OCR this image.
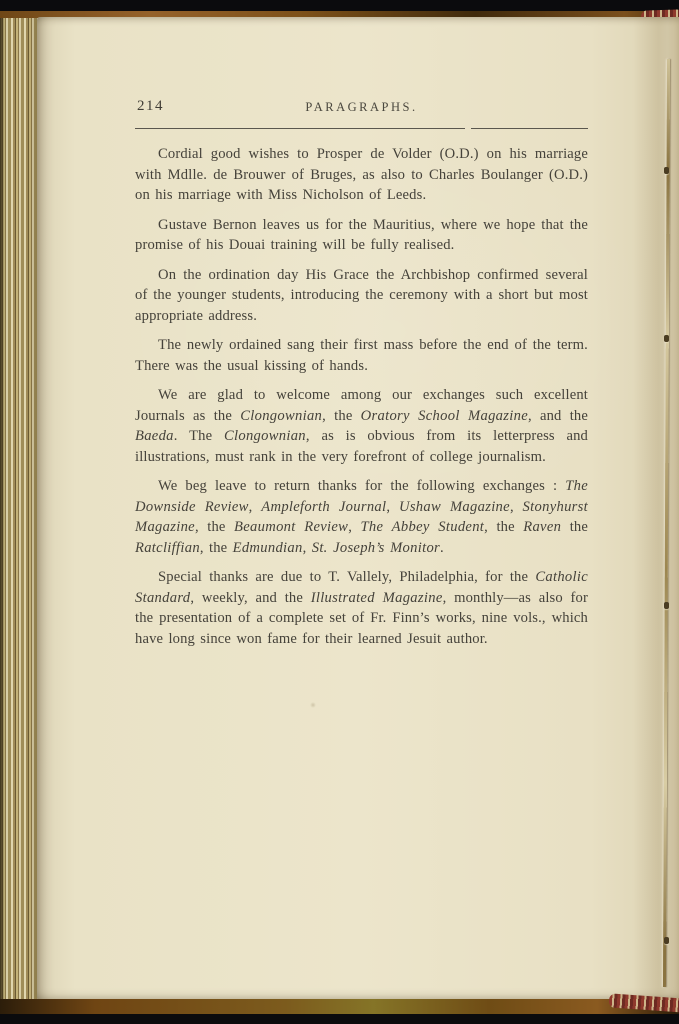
214	PARAGRAPHS.

Cordial good wishes to Prosper de Volder (O.D.) on his marriage with Mdlle. de Brouwer of Bruges, as also to Charles Boulanger (O.D.) on his marriage with Miss Nicholson of Leeds.

Gustave Bernon leaves us for the Mauritius, where we hope that the promise of his Douai training will be fully realised.

On the ordination day His Grace the Archbishop confirmed several of the younger students, introducing the ceremony with a short but most appropriate address.

The newly ordained sang their first mass before the end of the term. There was the usual kissing of hands.

We are glad to welcome among our exchanges such excellent Journals as the Clongownian, the Oratory School Magazine, and the Baeda. The Clongownian, as is obvious from its letterpress and illustrations, must rank in the very forefront of college journalism.

We beg leave to return thanks for the following exchanges : The Downside Review, Ampleforth Journal, Ushaw Magazine, Stonyhurst Magazine, the Beaumont Review, The Abbey Student, the Raven the Ratcliffian, the Edmundian, St. Joseph’s Monitor.

Special thanks are due to T. Vallely, Philadelphia, for the Catholic Standard, weekly, and the Illustrated Magazine, monthly—as also for the presentation of a complete set of Fr. Finn’s works, nine vols., which have long since won fame for their learned Jesuit author.
